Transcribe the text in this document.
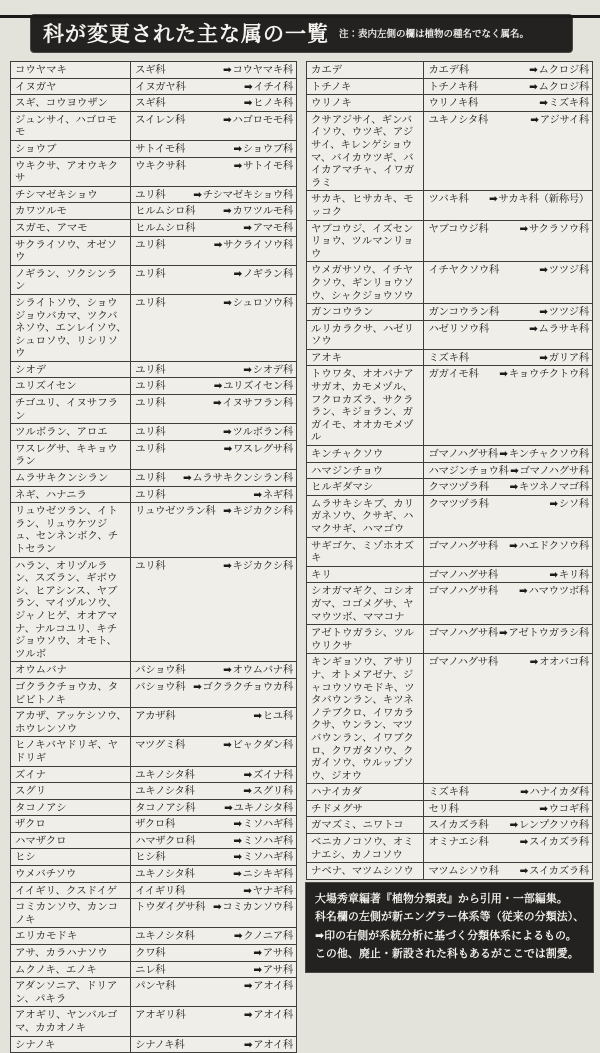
科が変更された主な属の一覧 注：表内左側の欄は植物の種名でなく属名。
コウヤマキ	スギ科 ➡コウヤマキ科

イヌガヤ	イヌガヤ科 ➡イチイ科

スギ、コウヨウザン	スギ科 ➡ヒノキ科

ジュンサイ、ハゴロモモ	スイレン科 ➡ハゴロモモ科

ショウブ	サトイモ科 ➡ショウブ科

ウキクサ、アオウキクサ	ウキクサ科 ➡サトイモ科

チシマゼキショウ	ユリ科 ➡チシマゼキショウ科

カワツルモ	ヒルムシロ科 ➡カワツルモ科

スガモ、アマモ	ヒルムシロ科 ➡アマモ科

サクライソウ、オゼソウ	ユリ科 ➡サクライソウ科

ノギラン、ソクシンラン	ユリ科 ➡ノギラン科

シライトソウ、ショウジョウバカマ、ツクバネソウ、エンレイソウ、シュロソウ、リシリソウ	ユリ科 ➡シュロソウ科

シオデ	ユリ科 ➡シオデ科

ユリズイセン	ユリ科 ➡ユリズイセン科

チゴユリ、イヌサフラン	ユリ科 ➡イヌサフラン科

ツルボラン、アロエ	ユリ科 ➡ツルボラン科

ワスレグサ、キキョウラン	ユリ科 ➡ワスレグサ科

ムラサキクンシラン	ユリ科 ➡ムラサキクンシラン科

ネギ、ハナニラ	ユリ科 ➡ネギ科

リュウゼツラン、イトラン、リュウケツジュ、センネンボク、チトセラン	リュウゼツラン科 ➡キジカクシ科

ハラン、オリヅルラン、スズラン、ギボウシ、ヒアシンス、ヤブラン、マイヅルソウ、ジャノヒゲ、オオアマナ、ナルコユリ、キチジョウソウ、オモト、ツルボ	ユリ科 ➡キジカクシ科

オウムバナ	バショウ科 ➡オウムバナ科

ゴクラクチョウカ、タビビトノキ	バショウ科 ➡ゴクラクチョウカ科

アカザ、アッケシソウ、ホウレンソウ	アカザ科 ➡ヒユ科

ヒノキバヤドリギ、ヤドリギ	マツグミ科 ➡ビャクダン科

ズイナ	ユキノシタ科 ➡ズイナ科

スグリ	ユキノシタ科 ➡スグリ科

タコノアシ	タコノアシ科 ➡ユキノシタ科

ザクロ	ザクロ科 ➡ミソハギ科

ハマザクロ	ハマザクロ科 ➡ミソハギ科

ヒシ	ヒシ科 ➡ミソハギ科

ウメバチソウ	ユキノシタ科 ➡ニシキギ科

イイギリ、クスドイゲ	イイギリ科 ➡ヤナギ科

コミカンソウ、カンコノキ	トウダイグサ科 ➡コミカンソウ科

エリカモドキ	ユキノシタ科 ➡クノニア科

アサ、カラハナソウ	クワ科 ➡アサ科

ムクノキ、エノキ	ニレ科 ➡アサ科

アダンソニア、ドリアン、パキラ	パンヤ科 ➡アオイ科

アオギリ、ヤンバルゴマ、カカオノキ	アオギリ科 ➡アオイ科

シナノキ	シナノキ科 ➡アオイ科
カエデ	カエデ科 ➡ムクロジ科

トチノキ	トチノキ科 ➡ムクロジ科

ウリノキ	ウリノキ科 ➡ミズキ科

クサアジサイ、ギンバイソウ、ウツギ、アジサイ、キレンゲショウマ、バイカウツギ、バイカアマチャ、イワガラミ	ユキノシタ科 ➡アジサイ科

サカキ、ヒサカキ、モッコク	ツバキ科 ➡サカキ科（新称号）

ヤブコウジ、イズセンリョウ、ツルマンリョウ	ヤブコウジ科 ➡サクラソウ科

ウメガサソウ、イチヤクソウ、ギンリョウソウ、シャクジョウソウ	イチヤクソウ科 ➡ツツジ科

ガンコウラン	ガンコウラン科 ➡ツツジ科

ルリカラクサ、ハゼリソウ	ハゼリソウ科 ➡ムラサキ科

アオキ	ミズキ科 ➡ガリア科

トウワタ、オオバナアサガオ、カモメヅル、フクロカズラ、サクララン、キジョラン、ガガイモ、オオカモメヅル	ガガイモ科 ➡キョウチクトウ科

キンチャクソウ	ゴマノハグサ科 ➡キンチャクソウ科

ハマジンチョウ	ハマジンチョウ科 ➡ゴマノハグサ科

ヒルギダマシ	クマツヅラ科 ➡キツネノマゴ科

ムラサキシキブ、カリガネソウ、クサギ、ハマクサギ、ハマゴウ	クマツヅラ科 ➡シソ科

サギゴケ、ミゾホオズキ	ゴマノハグサ科 ➡ハエドクソウ科

キリ	ゴマノハグサ科 ➡キリ科

シオガマギク、コシオガマ、コゴメグサ、ヤマウツボ、ママコナ	ゴマノハグサ科 ➡ハマウツボ科

アゼトウガラシ、ツルウリクサ	ゴマノハグサ科 ➡アゼトウガラシ科

キンギョソウ、アサリナ、オトメアゼナ、ジャコウソウモドキ、ツタバウンラン、キツネノテブクロ、イワカラクサ、ウンラン、マツバウンラン、イワブクロ、クワガタソウ、クガイソウ、ウルップソウ、ジオウ	ゴマノハグサ科 ➡オオバコ科

ハナイカダ	ミズキ科 ➡ハナイカダ科

チドメグサ	セリ科 ➡ウコギ科

ガマズミ、ニワトコ	スイカズラ科 ➡レンプクソウ科

ベニカノコソウ、オミナエシ、カノコソウ	オミナエシ科 ➡スイカズラ科

ナベナ、マツムシソウ	マツムシソウ科 ➡スイカズラ科
大場秀章編著『植物分類表』から引用・一部編集。
科名欄の左側が新エングラー体系等（従来の分類法）、
➡印の右側が系統分析に基づく分類体系によるもの。
この他、廃止・新設された科もあるがここでは割愛。
